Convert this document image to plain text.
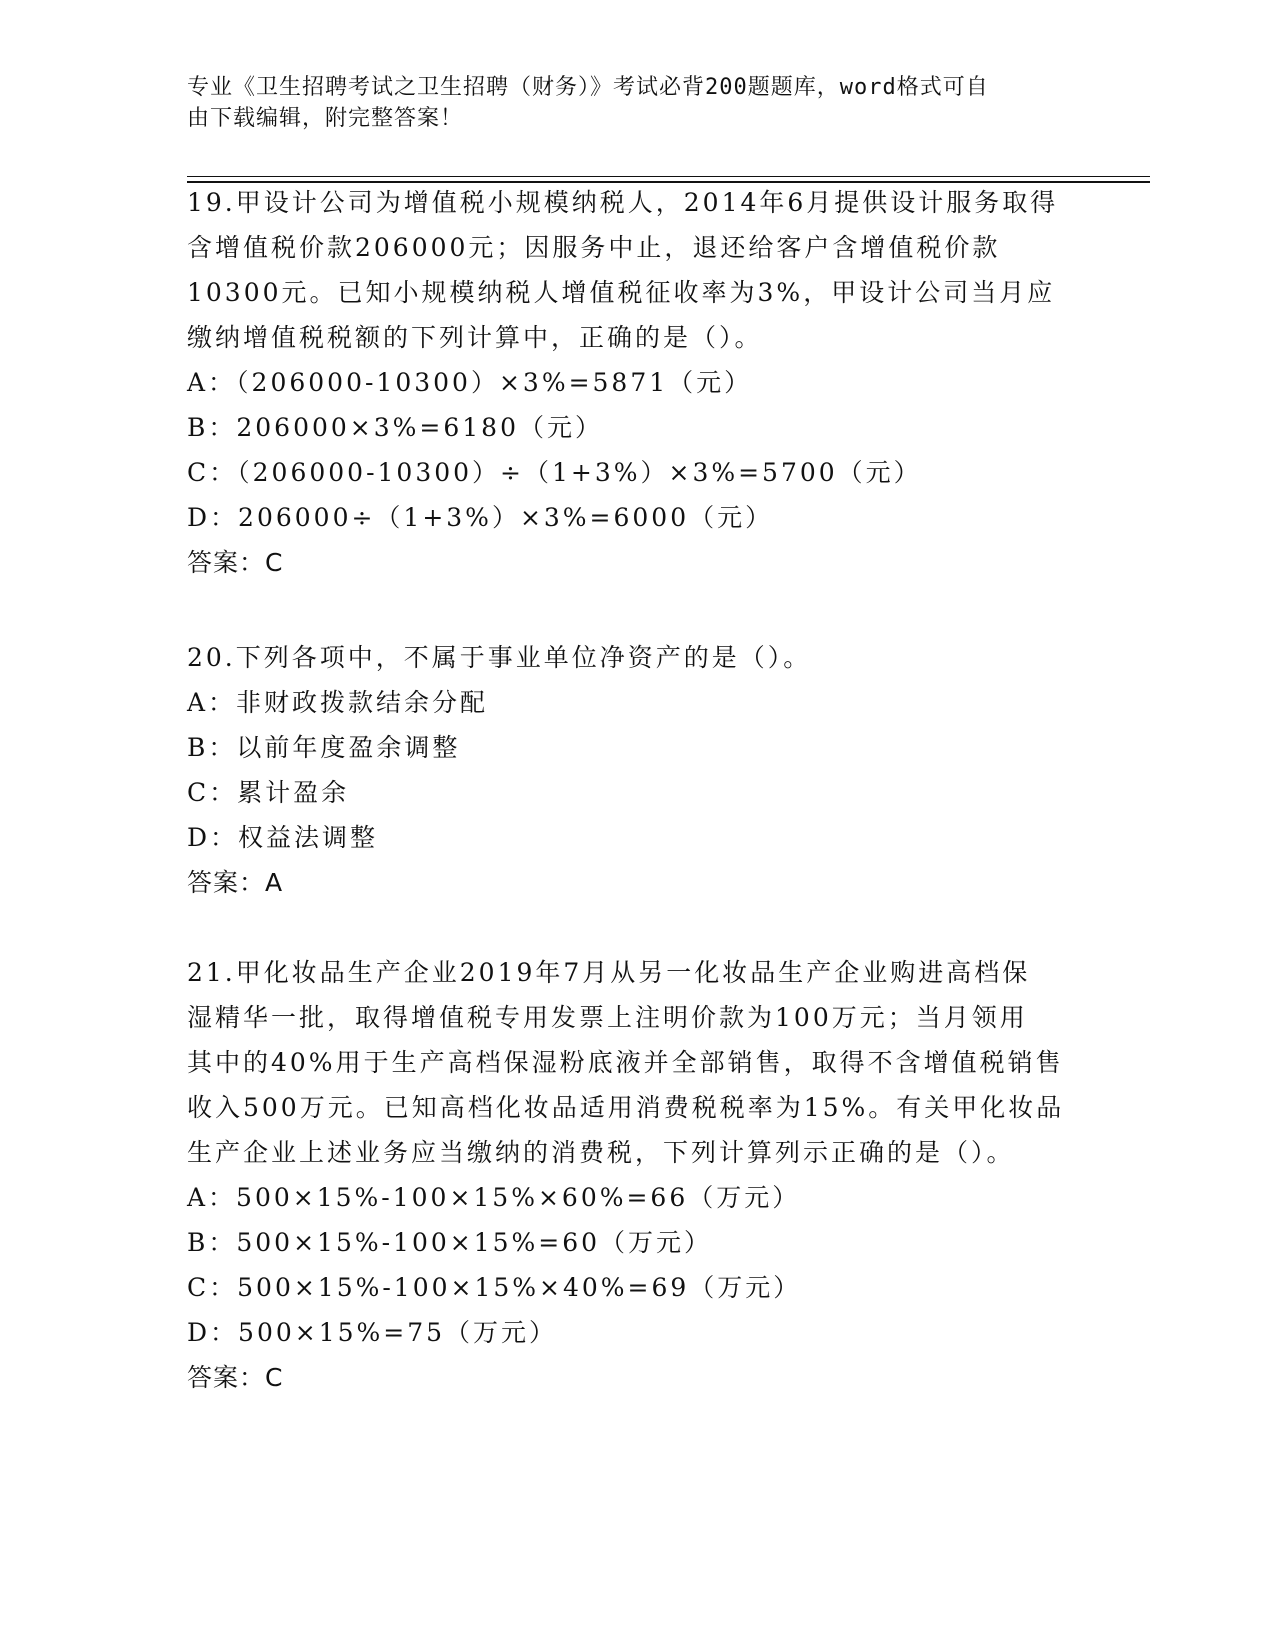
专业《卫生招聘考试之卫生招聘（财务）》考试必背200题题库，word格式可自
由下载编辑，附完整答案！
19.甲设计公司为增值税小规模纳税人，2014年6月提供设计服务取得
含增值税价款206000元；因服务中止，退还给客户含增值税价款
10300元。已知小规模纳税人增值税征收率为3%，甲设计公司当月应
缴纳增值税税额的下列计算中，正确的是（）。
A：（206000-10300）×3%=5871（元）
B：206000×3%=6180（元）
C：（206000-10300）÷（1+3%）×3%=5700（元）
D：206000÷（1+3%）×3%=6000（元）
答案：C
20.下列各项中，不属于事业单位净资产的是（）。
A：非财政拨款结余分配
B：以前年度盈余调整
C：累计盈余
D：权益法调整
答案：A
21.甲化妆品生产企业2019年7月从另一化妆品生产企业购进高档保
湿精华一批，取得增值税专用发票上注明价款为100万元；当月领用
其中的40%用于生产高档保湿粉底液并全部销售，取得不含增值税销售
收入500万元。已知高档化妆品适用消费税税率为15%。有关甲化妆品
生产企业上述业务应当缴纳的消费税，下列计算列示正确的是（）。
A：500×15%-100×15%×60%=66（万元）
B：500×15%-100×15%=60（万元）
C：500×15%-100×15%×40%=69（万元）
D：500×15%=75（万元）
答案：C
